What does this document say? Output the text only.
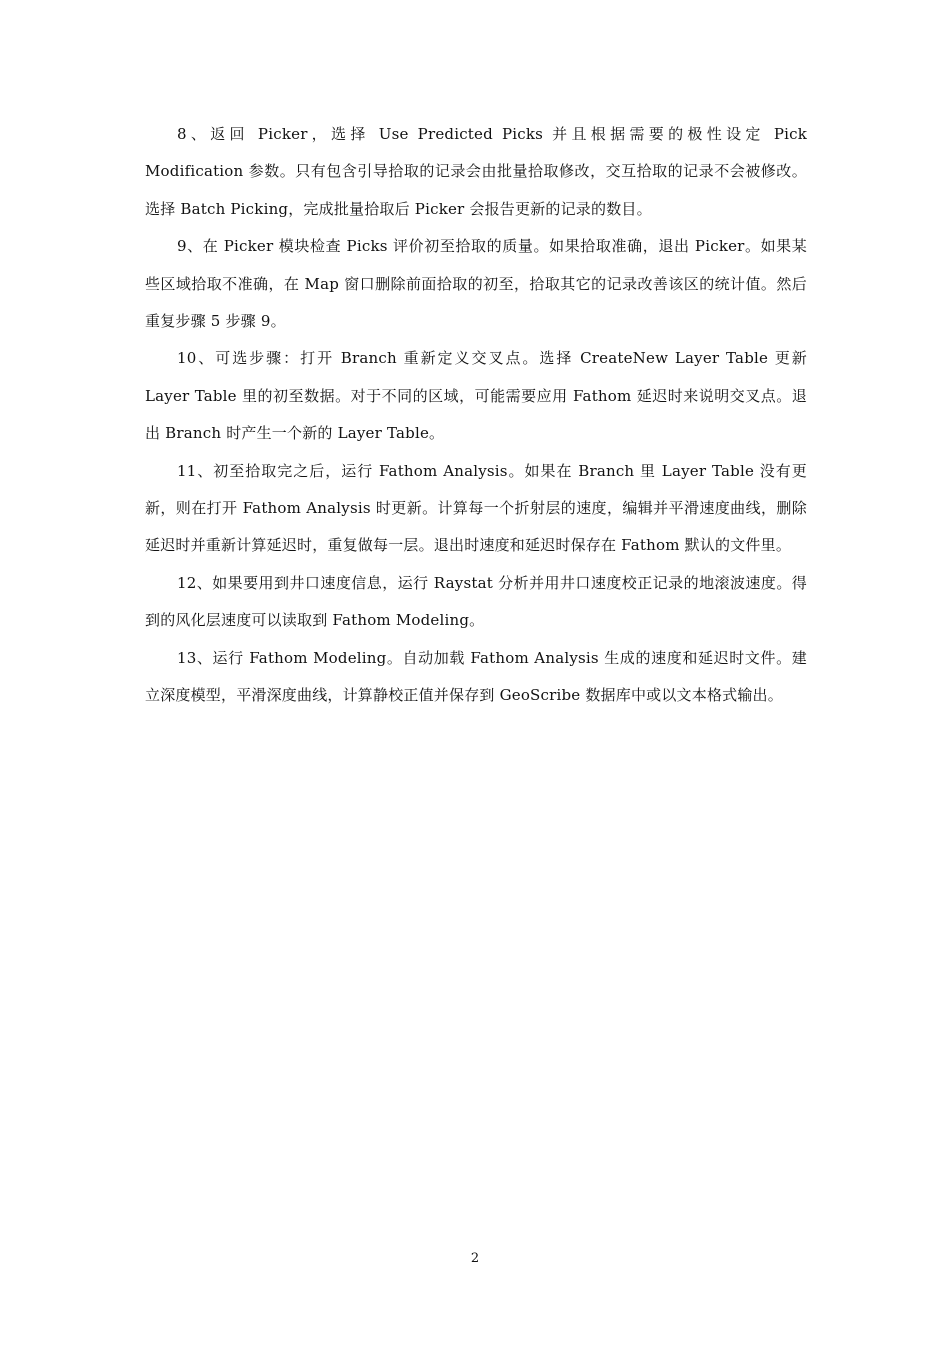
8、返回 Picker，选择 Use Predicted Picks 并且根据需要的极性设定 Pick Modification 参数。只有包含引导拾取的记录会由批量拾取修改，交互拾取的记录不会被修改。选择 Batch Picking，完成批量拾取后 Picker 会报告更新的记录的数目。

9、在 Picker 模块检查 Picks 评价初至拾取的质量。如果拾取准确，退出 Picker。如果某些区域拾取不准确，在 Map 窗口删除前面拾取的初至，拾取其它的记录改善该区的统计值。然后重复步骤 5 步骤 9。

10、可选步骤：打开 Branch 重新定义交叉点。选择 CreateNew Layer Table 更新 Layer Table 里的初至数据。对于不同的区域，可能需要应用 Fathom 延迟时来说明交叉点。退出 Branch 时产生一个新的 Layer Table。

11、初至拾取完之后，运行 Fathom Analysis。如果在 Branch 里 Layer Table 没有更新，则在打开 Fathom Analysis 时更新。计算每一个折射层的速度，编辑并平滑速度曲线，删除延迟时并重新计算延迟时，重复做每一层。退出时速度和延迟时保存在 Fathom 默认的文件里。

12、如果要用到井口速度信息，运行 Raystat 分析并用井口速度校正记录的地滚波速度。得到的风化层速度可以读取到 Fathom Modeling。

13、运行 Fathom Modeling。自动加载 Fathom Analysis 生成的速度和延迟时文件。建立深度模型，平滑深度曲线，计算静校正值并保存到 GeoScribe 数据库中或以文本格式输出。

2
